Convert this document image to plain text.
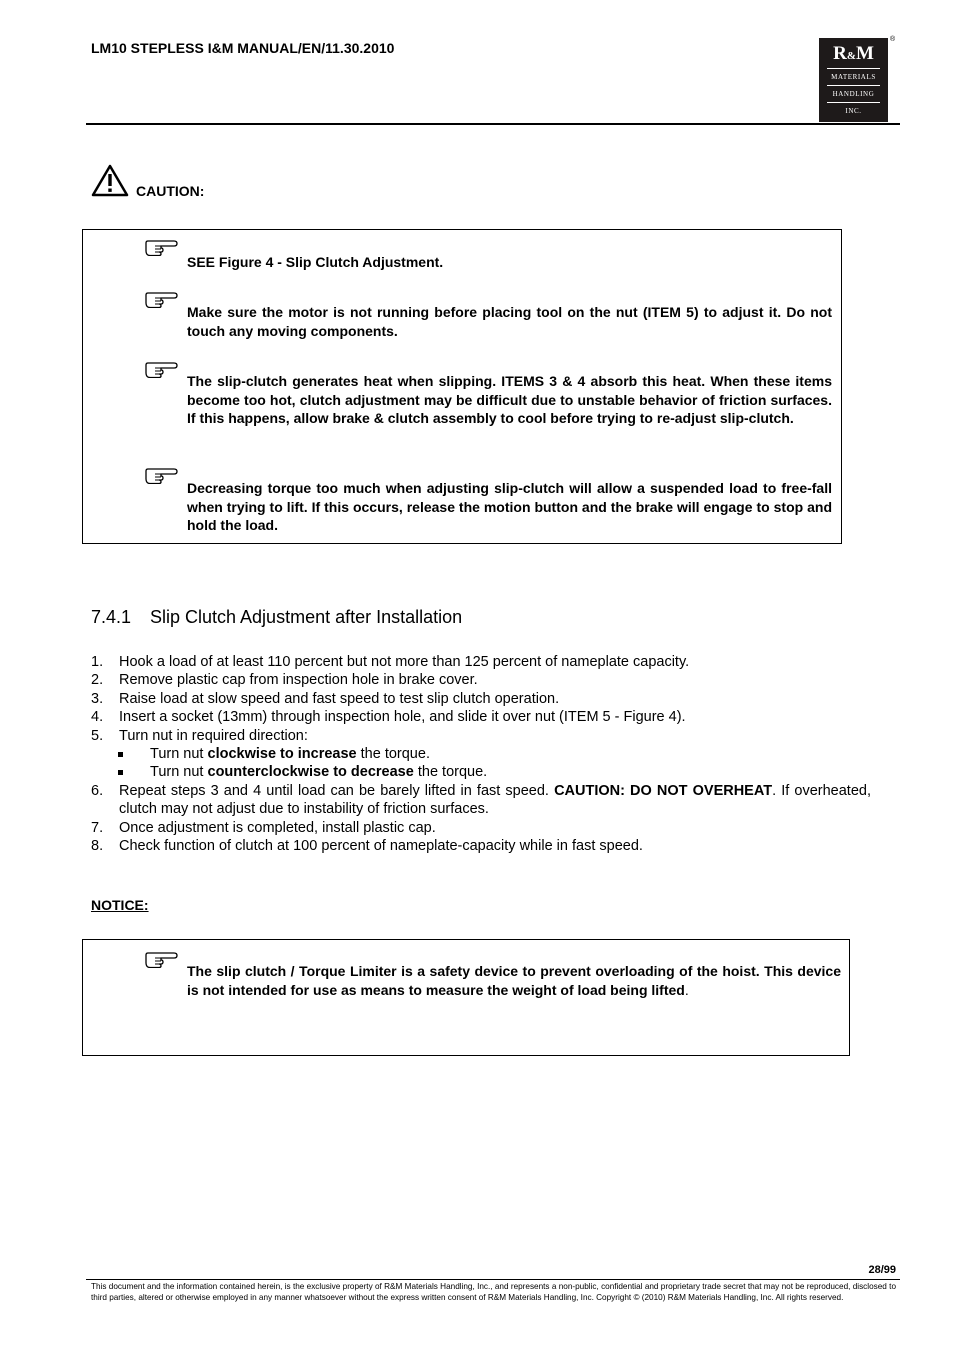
LM10 STEPLESS I&M MANUAL/EN/11.30.2010	R&M
MATERIALS
HANDLING
INC.
®
CAUTION:
SEE Figure 4 - Slip Clutch Adjustment.
Make sure the motor is not running before placing tool on the nut (ITEM 5) to adjust it. Do not touch any moving components.
The slip-clutch generates heat when slipping. ITEMS 3 & 4 absorb this heat. When these items become too hot, clutch adjustment may be difficult due to unstable behavior of friction surfaces. If this happens, allow brake & clutch assembly to cool before trying to re-adjust slip-clutch.
Decreasing torque too much when adjusting slip-clutch will allow a suspended load to free-fall when trying to lift. If this occurs, release the motion button and the brake will engage to stop and hold the load.
7.4.1 Slip Clutch Adjustment after Installation
1. Hook a load of at least 110 percent but not more than 125 percent of nameplate capacity.
2. Remove plastic cap from inspection hole in brake cover.
3. Raise load at slow speed and fast speed to test slip clutch operation.
4. Insert a socket (13mm) through inspection hole, and slide it over nut (ITEM 5 - Figure 4).
5. Turn nut in required direction:
Turn nut clockwise to increase the torque.
Turn nut counterclockwise to decrease the torque.
6. Repeat steps 3 and 4 until load can be barely lifted in fast speed. CAUTION: DO NOT OVERHEAT. If overheated, clutch may not adjust due to instability of friction surfaces.
7. Once adjustment is completed, install plastic cap.
8. Check function of clutch at 100 percent of nameplate-capacity while in fast speed.
NOTICE:
The slip clutch / Torque Limiter is a safety device to prevent overloading of the hoist. This device is not intended for use as means to measure the weight of load being lifted.
28/99
This document and the information contained herein, is the exclusive property of R&M Materials Handling, Inc., and represents a non-public, confidential and proprietary trade secret that may not be reproduced, disclosed to third parties, altered or otherwise employed in any manner whatsoever without the express written consent of R&M Materials Handling, Inc. Copyright © (2010) R&M Materials Handling, Inc. All rights reserved.
